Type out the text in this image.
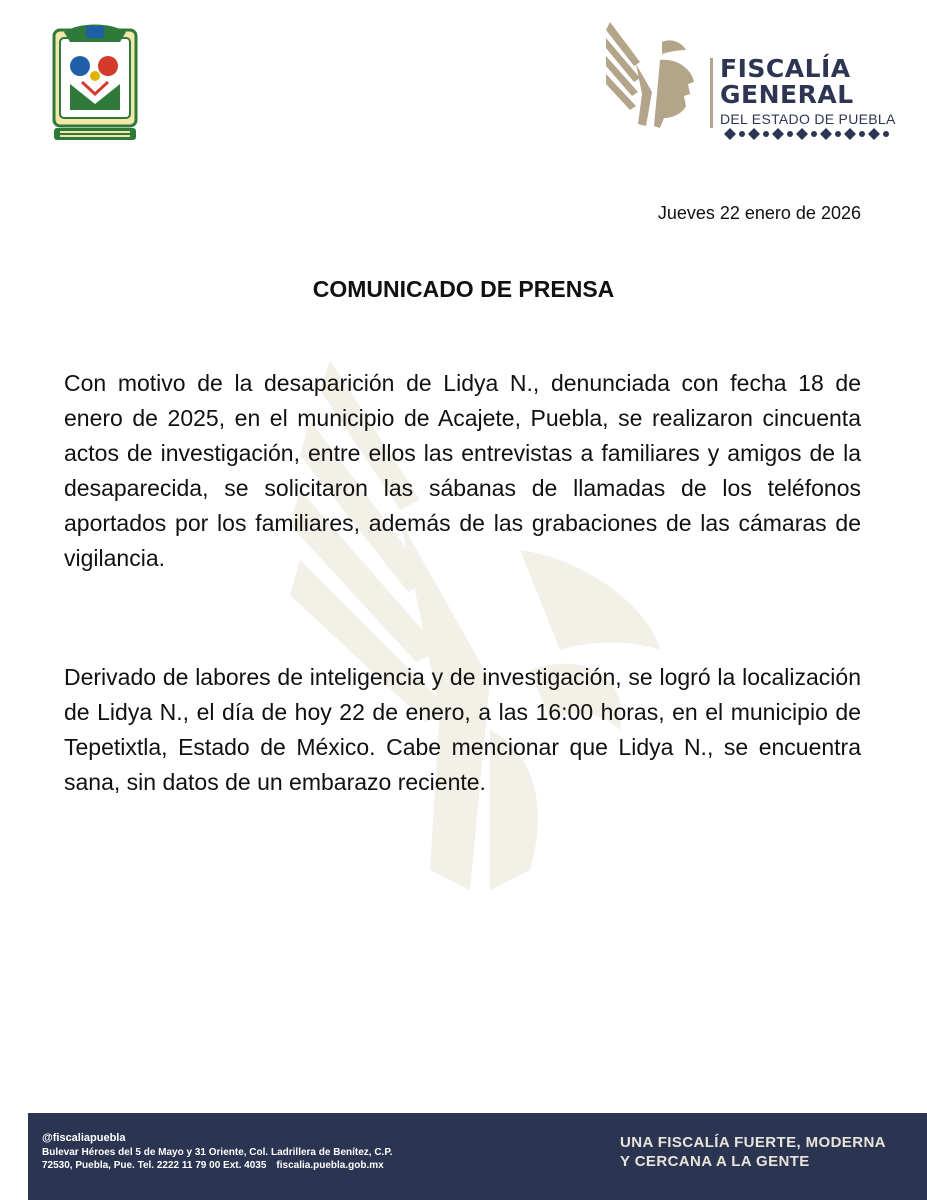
FISCALÍA
GENERAL
DEL ESTADO DE PUEBLA
Jueves 22 enero de 2026
COMUNICADO DE PRENSA

Con motivo de la desaparición de Lidya N., denunciada con fecha 18 de enero de 2025, en el municipio de Acajete, Puebla, se realizaron cincuenta actos de investigación, entre ellos las entrevistas a familiares y amigos de la desaparecida, se solicitaron las sábanas de llamadas de los teléfonos aportados por los familiares, además de las grabaciones de las cámaras de vigilancia.

Derivado de labores de inteligencia y de investigación, se logró la localización de Lidya N., el día de hoy 22 de enero, a las 16:00 horas, en el municipio de Tepetixtla, Estado de México. Cabe mencionar que Lidya N., se encuentra sana, sin datos de un embarazo reciente.

@fiscaliapuebla
Bulevar Héroes del 5 de Mayo y 31 Oriente, Col. Ladrillera de Benítez, C.P.
72530, Puebla, Pue. Tel. 2222 11 79 00 Ext. 4035 fiscalia.puebla.gob.mx
UNA FISCALÍA FUERTE, MODERNA
Y CERCANA A LA GENTE
